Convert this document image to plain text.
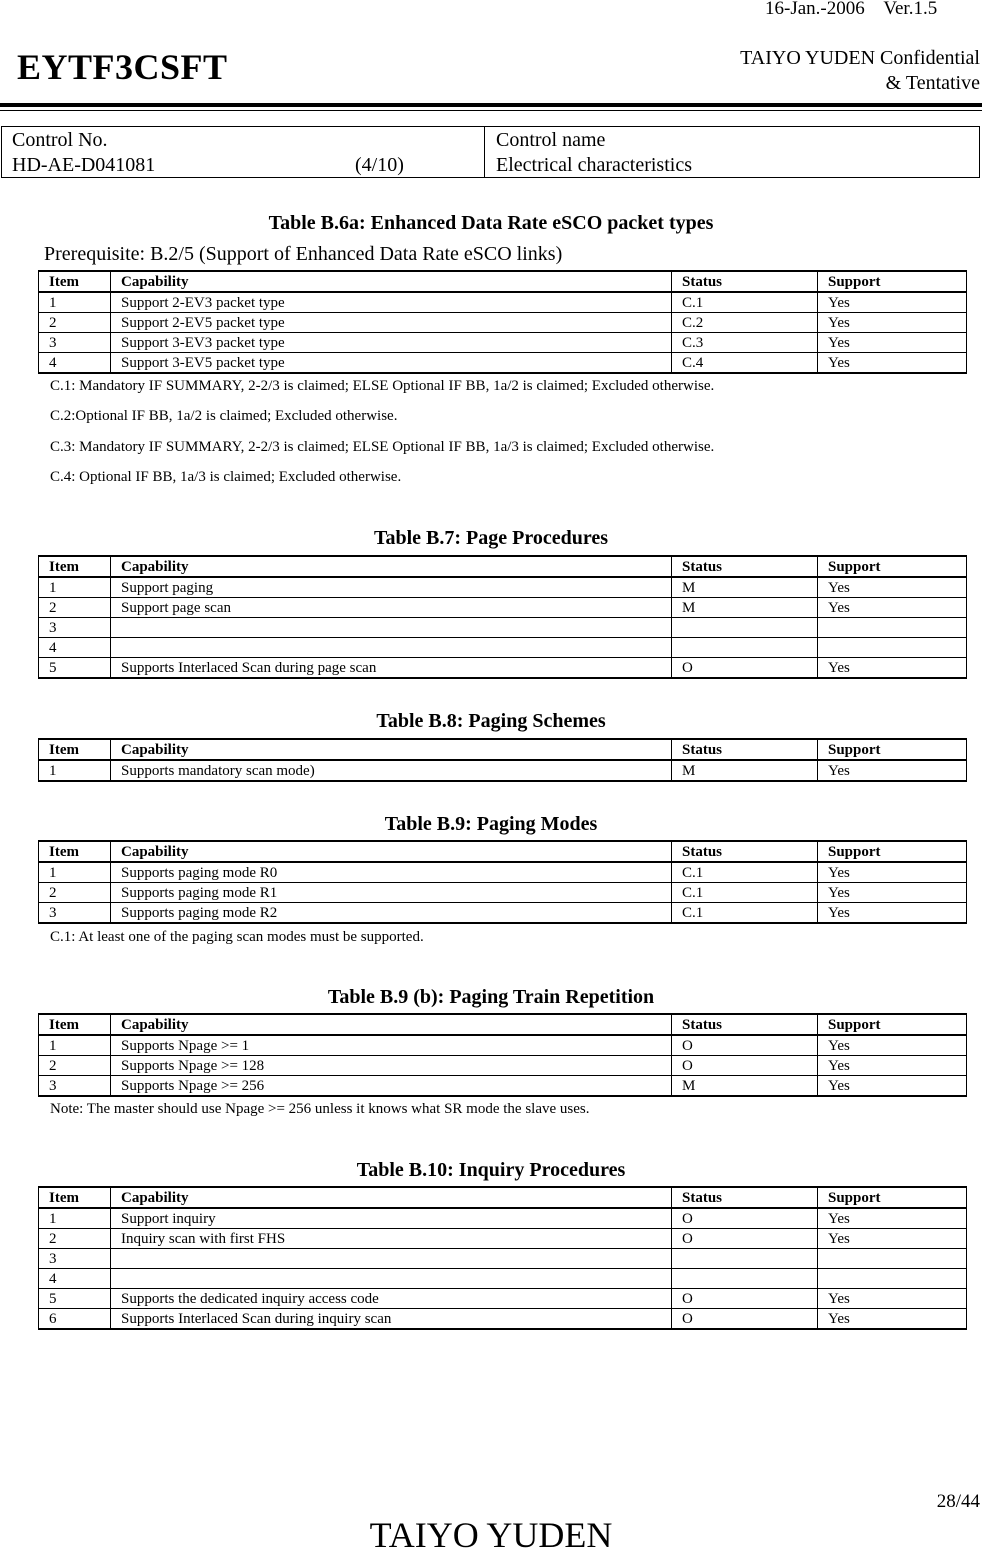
16-Jan.-2006    Ver.1.5
EYTF3CSFT	TAIYO YUDEN Confidential
& Tentative
Control No.
HD-AE-D041081	(4/10)
Control name
Electrical characteristics
Table B.6a: Enhanced Data Rate eSCO packet types
Prerequisite: B.2/5 (Support of Enhanced Data Rate eSCO links)
Item	Capability	Status	Support
1	Support 2-EV3 packet type	C.1	Yes
2	Support 2-EV5 packet type	C.2	Yes
3	Support 3-EV3 packet type	C.3	Yes
4	Support 3-EV5 packet type	C.4	Yes
C.1: Mandatory IF SUMMARY, 2-2/3 is claimed; ELSE Optional IF BB, 1a/2 is claimed; Excluded otherwise.
C.2:Optional IF BB, 1a/2 is claimed; Excluded otherwise.
C.3: Mandatory IF SUMMARY, 2-2/3 is claimed; ELSE Optional IF BB, 1a/3 is claimed; Excluded otherwise.
C.4: Optional IF BB, 1a/3 is claimed; Excluded otherwise.
Table B.7: Page Procedures
Item	Capability	Status	Support
1	Support paging	M	Yes
2	Support page scan	M	Yes
3			
4			
5	Supports Interlaced Scan during page scan	O	Yes
Table B.8: Paging Schemes
Item	Capability	Status	Support
1	Supports mandatory scan mode)	M	Yes
Table B.9: Paging Modes
Item	Capability	Status	Support
1	Supports paging mode R0	C.1	Yes
2	Supports paging mode R1	C.1	Yes
3	Supports paging mode R2	C.1	Yes
C.1: At least one of the paging scan modes must be supported.
Table B.9 (b): Paging Train Repetition
Item	Capability	Status	Support
1	Supports Npage >= 1	O	Yes
2	Supports Npage >= 128	O	Yes
3	Supports Npage >= 256	M	Yes
Note: The master should use Npage >= 256 unless it knows what SR mode the slave uses.
Table B.10: Inquiry Procedures
Item	Capability	Status	Support
1	Support inquiry	O	Yes
2	Inquiry scan with first FHS	O	Yes
3			
4			
5	Supports the dedicated inquiry access code	O	Yes
6	Supports Interlaced Scan during inquiry scan	O	Yes
28/44
TAIYO YUDEN
